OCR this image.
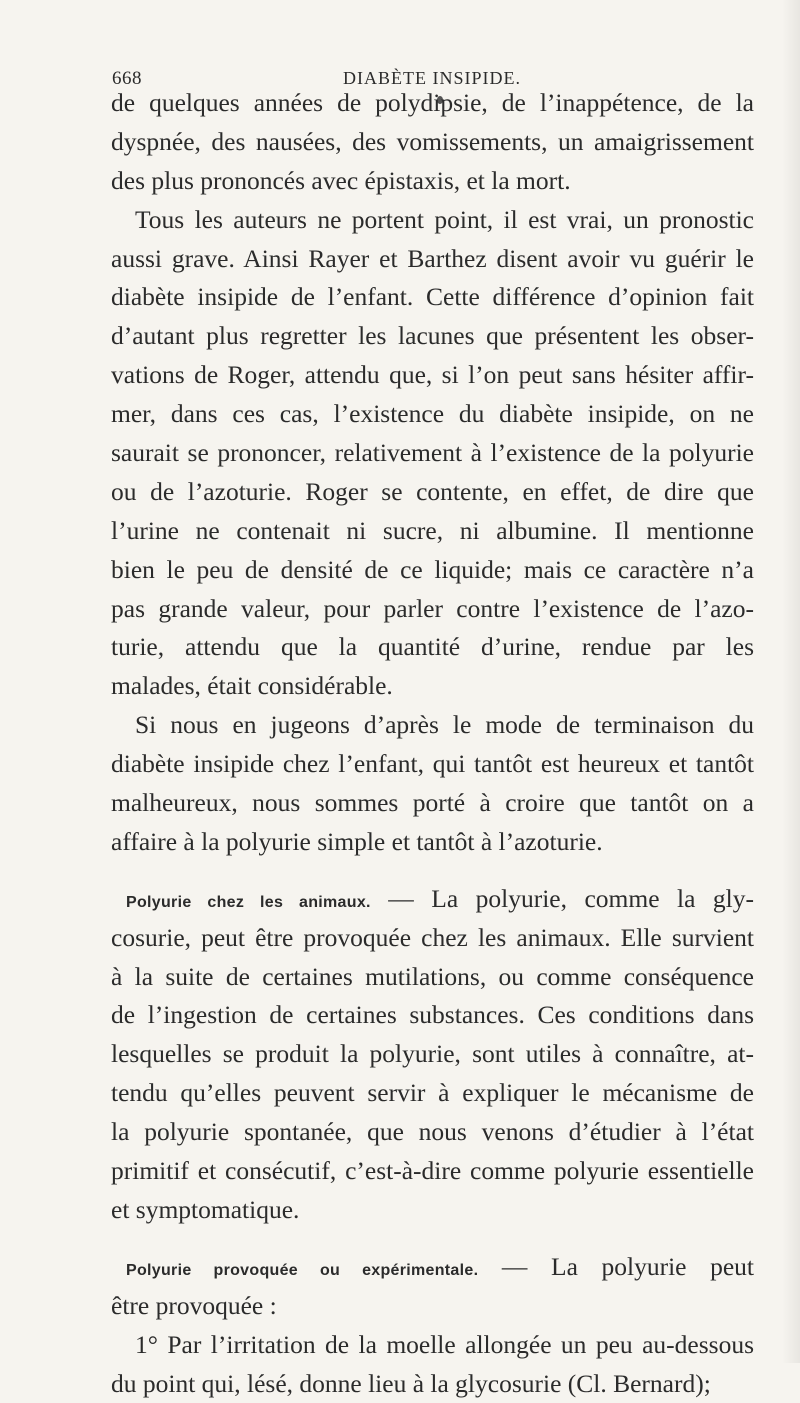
668	DIABÈTE INSIPIDE.
de quelques années de polydipsie, de l’inappétence, de la
dyspnée, des nausées, des vomissements, un amaigrissement
des plus prononcés avec épistaxis, et la mort.
Tous les auteurs ne portent point, il est vrai, un pronostic
aussi grave. Ainsi Rayer et Barthez disent avoir vu guérir le
diabète insipide de l’enfant. Cette différence d’opinion fait
d’autant plus regretter les lacunes que présentent les obser-
vations de Roger, attendu que, si l’on peut sans hésiter affir-
mer, dans ces cas, l’existence du diabète insipide, on ne
saurait se prononcer, relativement à l’existence de la polyurie
ou de l’azoturie. Roger se contente, en effet, de dire que
l’urine ne contenait ni sucre, ni albumine. Il mentionne
bien le peu de densité de ce liquide; mais ce caractère n’a
pas grande valeur, pour parler contre l’existence de l’azo-
turie, attendu que la quantité d’urine, rendue par les
malades, était considérable.
Si nous en jugeons d’après le mode de terminaison du
diabète insipide chez l’enfant, qui tantôt est heureux et tantôt
malheureux, nous sommes porté à croire que tantôt on a
affaire à la polyurie simple et tantôt à l’azoturie.
Polyurie chez les animaux. — La polyurie, comme la gly-
cosurie, peut être provoquée chez les animaux. Elle survient
à la suite de certaines mutilations, ou comme conséquence
de l’ingestion de certaines substances. Ces conditions dans
lesquelles se produit la polyurie, sont utiles à connaître, at-
tendu qu’elles peuvent servir à expliquer le mécanisme de
la polyurie spontanée, que nous venons d’étudier à l’état
primitif et consécutif, c’est-à-dire comme polyurie essentielle
et symptomatique.
Polyurie provoquée ou expérimentale. — La polyurie peut
être provoquée :
1° Par l’irritation de la moelle allongée un peu au-dessous
du point qui, lésé, donne lieu à la glycosurie (Cl. Bernard);
